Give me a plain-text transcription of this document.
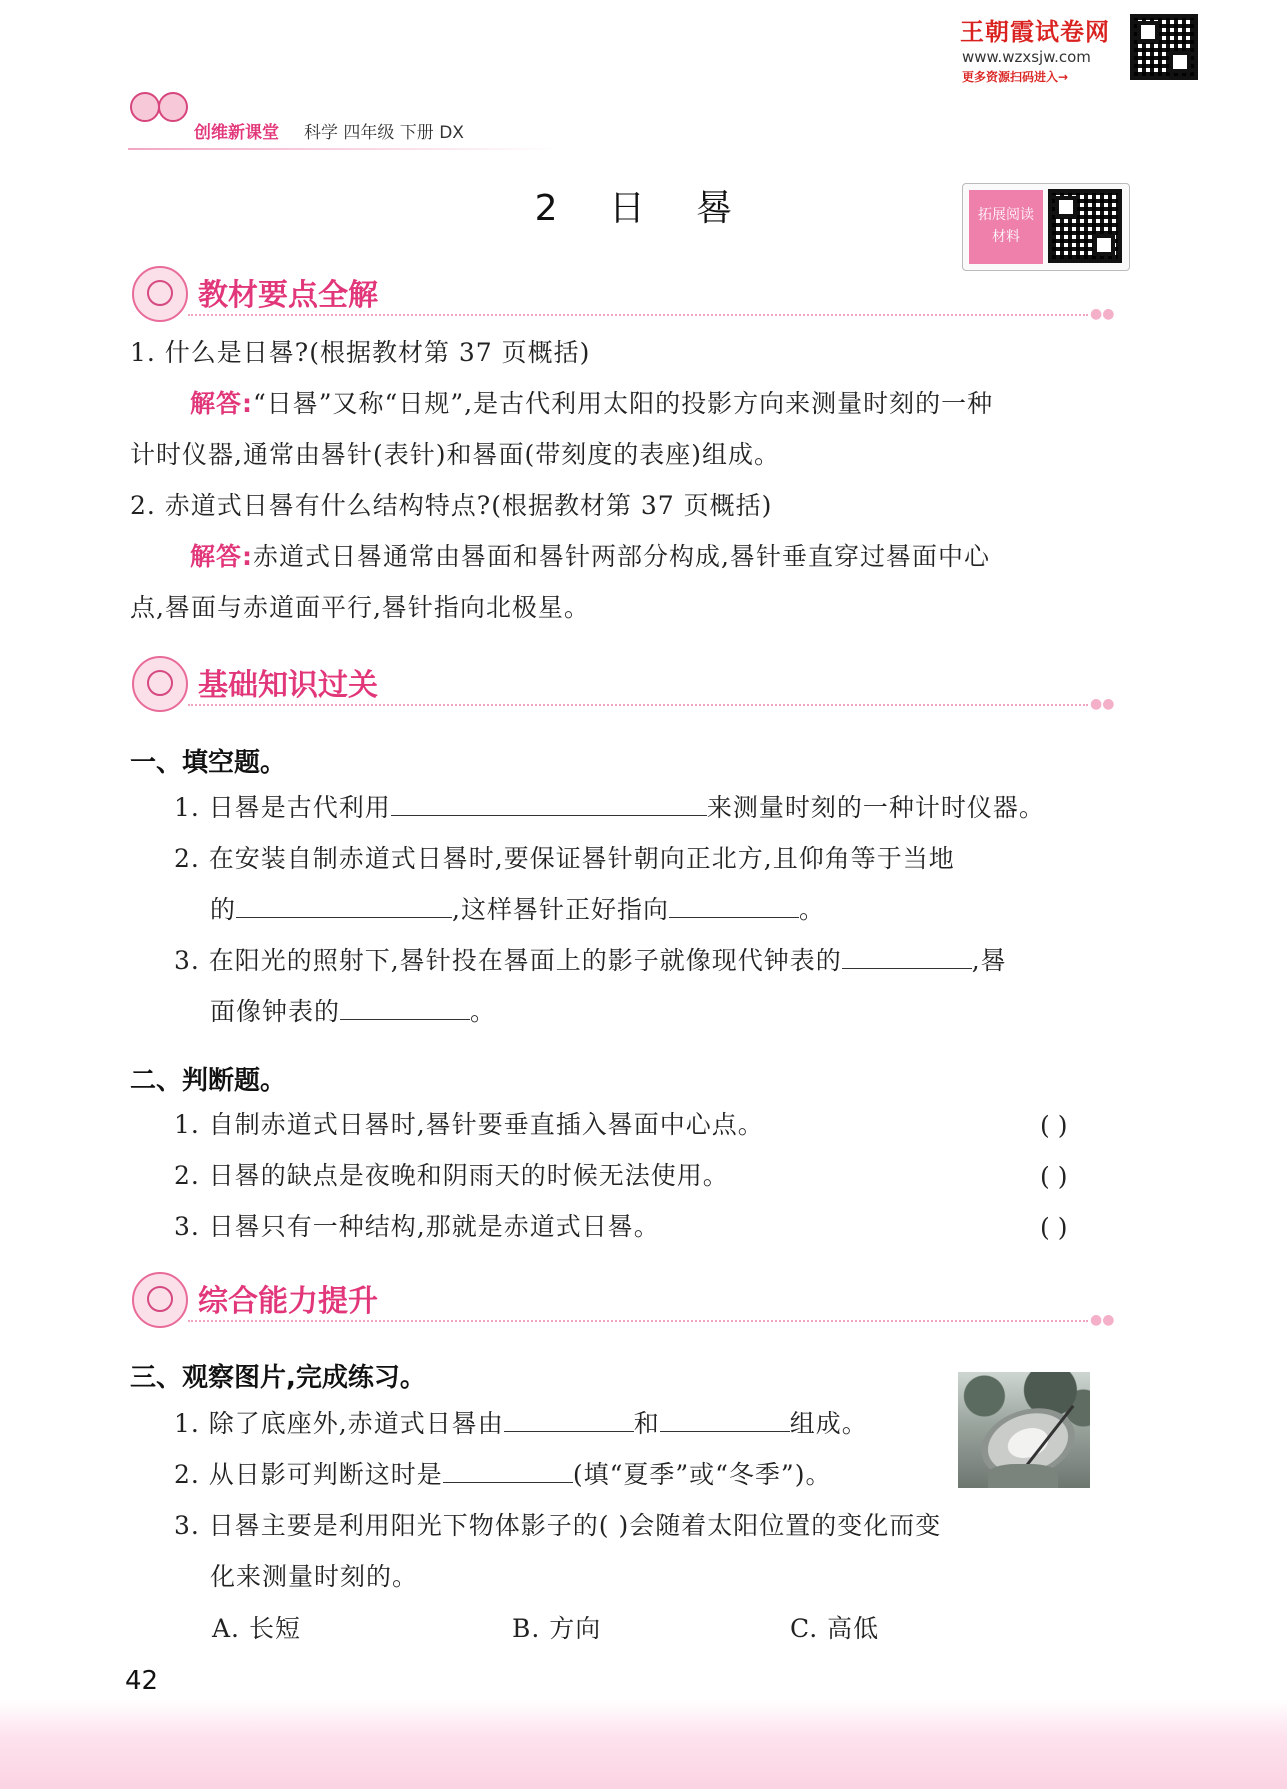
王朝霞试卷网
www.wzxsjw.com
更多资源扫码进入→
创维新课堂 科学 四年级 下册 DX
2 日 晷	拓展阅读
材料
教材要点全解
●●
1. 什么是日晷?(根据教材第 37 页概括)
解答:“日晷”又称“日规”,是古代利用太阳的投影方向来测量时刻的一种
计时仪器,通常由晷针(表针)和晷面(带刻度的表座)组成。
2. 赤道式日晷有什么结构特点?(根据教材第 37 页概括)
解答:赤道式日晷通常由晷面和晷针两部分构成,晷针垂直穿过晷面中心
点,晷面与赤道面平行,晷针指向北极星。
基础知识过关
●●
一、填空题。
1. 日晷是古代利用	来测量时刻的一种计时仪器。
2. 在安装自制赤道式日晷时,要保证晷针朝向正北方,且仰角等于当地
的	,这样晷针正好指向	。
3. 在阳光的照射下,晷针投在晷面上的影子就像现代钟表的	,晷
面像钟表的	。
二、判断题。
1. 自制赤道式日晷时,晷针要垂直插入晷面中心点。	( )
2. 日晷的缺点是夜晚和阴雨天的时候无法使用。	( )
3. 日晷只有一种结构,那就是赤道式日晷。	( )
综合能力提升
●●
三、观察图片,完成练习。
1. 除了底座外,赤道式日晷由	和	组成。
2. 从日影可判断这时是	(填“夏季”或“冬季”)。
3. 日晷主要是利用阳光下物体影子的( )会随着太阳位置的变化而变
化来测量时刻的。
A. 长短	B. 方向	C. 高低
42
